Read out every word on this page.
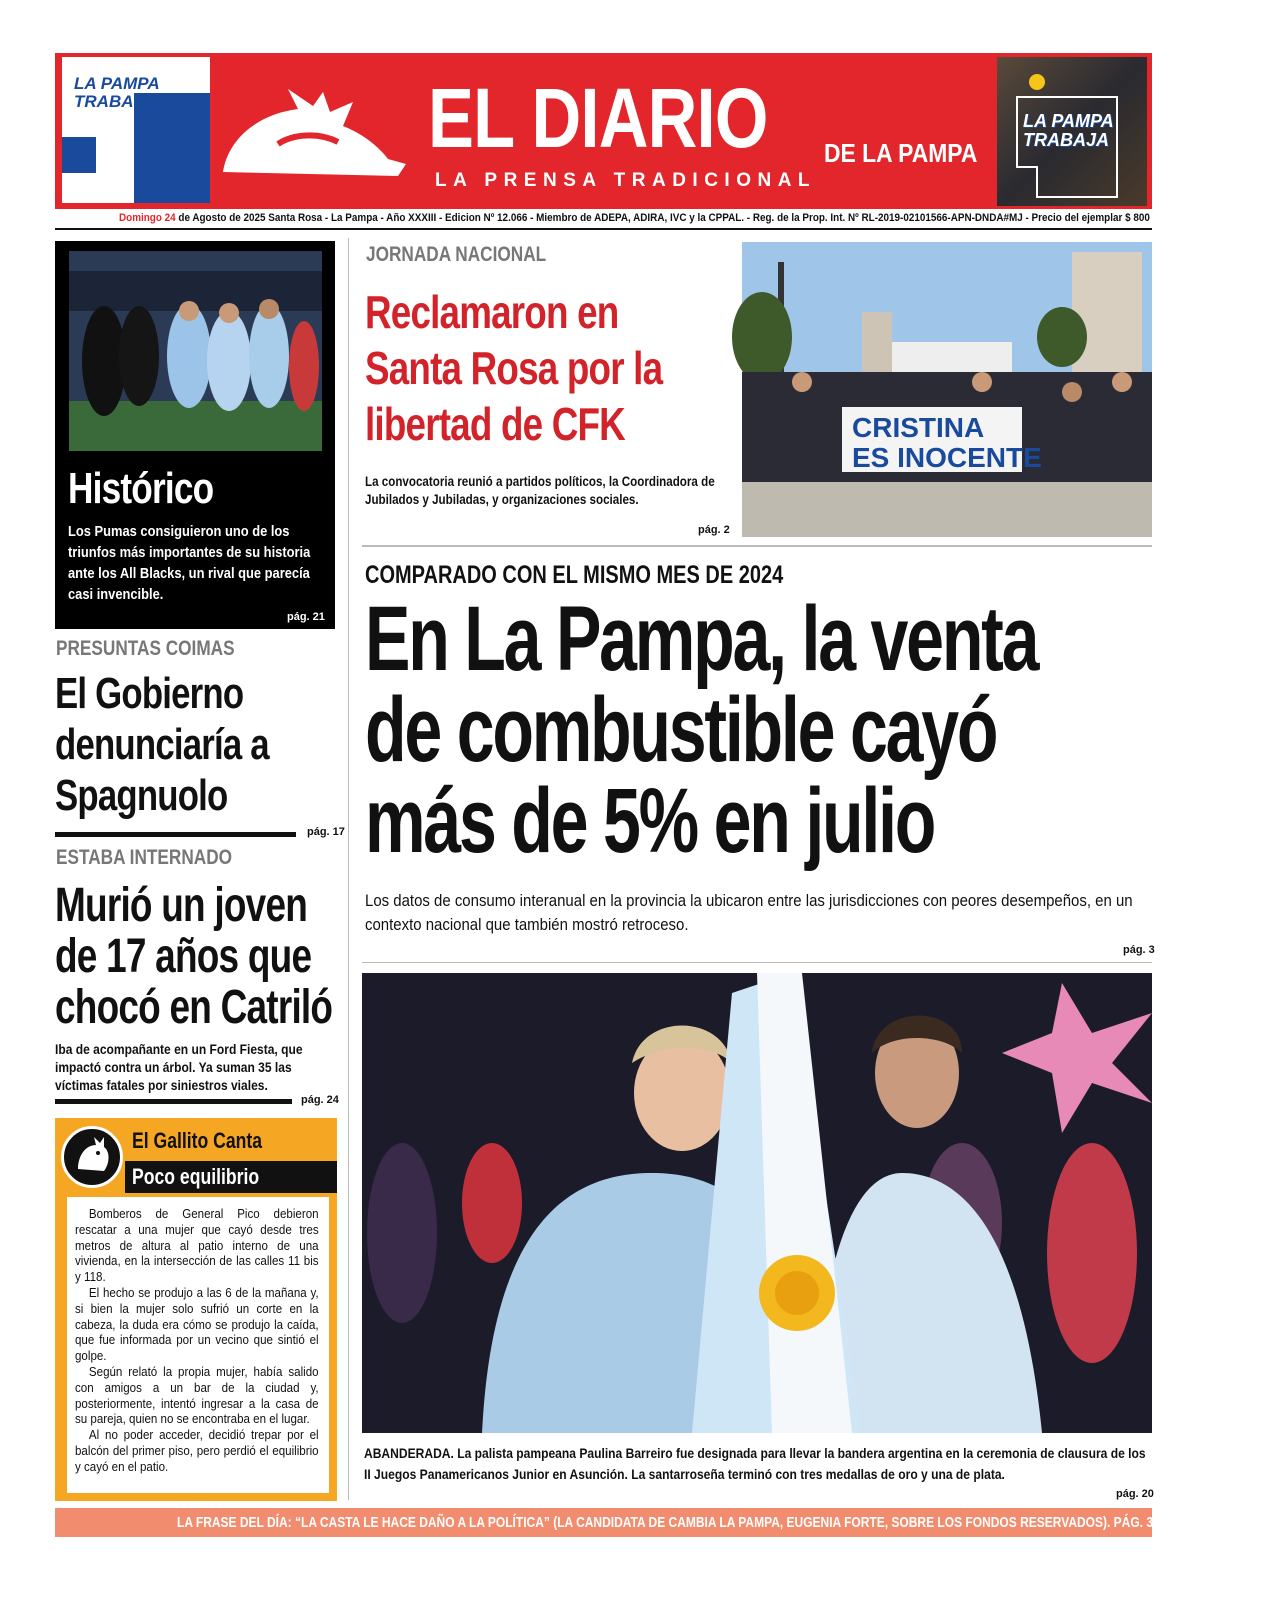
LA PAMPA
TRABAJA	EL DIARIO DE LA PAMPA
LA PRENSA TRADICIONAL
LA PAMPA
TRABAJA
Domingo 24 de Agosto de 2025 Santa Rosa - La Pampa - Año XXXIII - Edicion Nº 12.066 - Miembro de ADEPA, ADIRA, IVC y la CPPAL. - Reg. de la Prop. Int. Nº RL-2019-02101566-APN-DNDA#MJ - Precio del ejemplar $ 800
Histórico
Los Pumas consiguieron uno de los triunfos más importantes de su historia ante los All Blacks, un rival que parecía casi invencible.
pág. 21
PRESUNTAS COIMAS
El Gobierno denunciaría a Spagnuolo
pág. 17
ESTABA INTERNADO
Murió un joven de 17 años que chocó en Catriló
Iba de acompañante en un Ford Fiesta, que impactó contra un árbol. Ya suman 35 las víctimas fatales por siniestros viales.
pág. 24
El Gallito Canta
Poco equilibrio

Bomberos de General Pico debieron rescatar a una mujer que cayó desde tres metros de altura al patio interno de una vivienda, en la intersección de las calles 11 bis y 118.

El hecho se produjo a las 6 de la mañana y, si bien la mujer solo sufrió un corte en la cabeza, la duda era cómo se produjo la caída, que fue informada por un vecino que sintió el golpe.

Según relató la propia mujer, había salido con amigos a un bar de la ciudad y, posteriormente, intentó ingresar a la casa de su pareja, quien no se encontraba en el lugar.

Al no poder acceder, decidió trepar por el balcón del primer piso, pero perdió el equilibrio y cayó en el patio.

JORNADA NACIONAL
Reclamaron en Santa Rosa por la libertad de CFK
La convocatoria reunió a partidos políticos, la Coordinadora de Jubilados y Jubiladas, y organizaciones sociales.
pág. 2
CRISTINA
ES INOCENTE
COMPARADO CON EL MISMO MES DE 2024
En La Pampa, la venta de combustible cayó más de 5% en julio
Los datos de consumo interanual en la provincia la ubicaron entre las jurisdicciones con peores desempeños, en un contexto nacional que también mostró retroceso.
pág. 3
ABANDERADA. La palista pampeana Paulina Barreiro fue designada para llevar la bandera argentina en la ceremonia de clausura de los II Juegos Panamericanos Junior en Asunción. La santarroseña terminó con tres medallas de oro y una de plata.
pág. 20
LA FRASE DEL DÍA: “LA CASTA LE HACE DAÑO A LA POLÍTICA” (LA CANDIDATA DE CAMBIA LA PAMPA, EUGENIA FORTE, SOBRE LOS FONDOS RESERVADOS). PÁG. 3
